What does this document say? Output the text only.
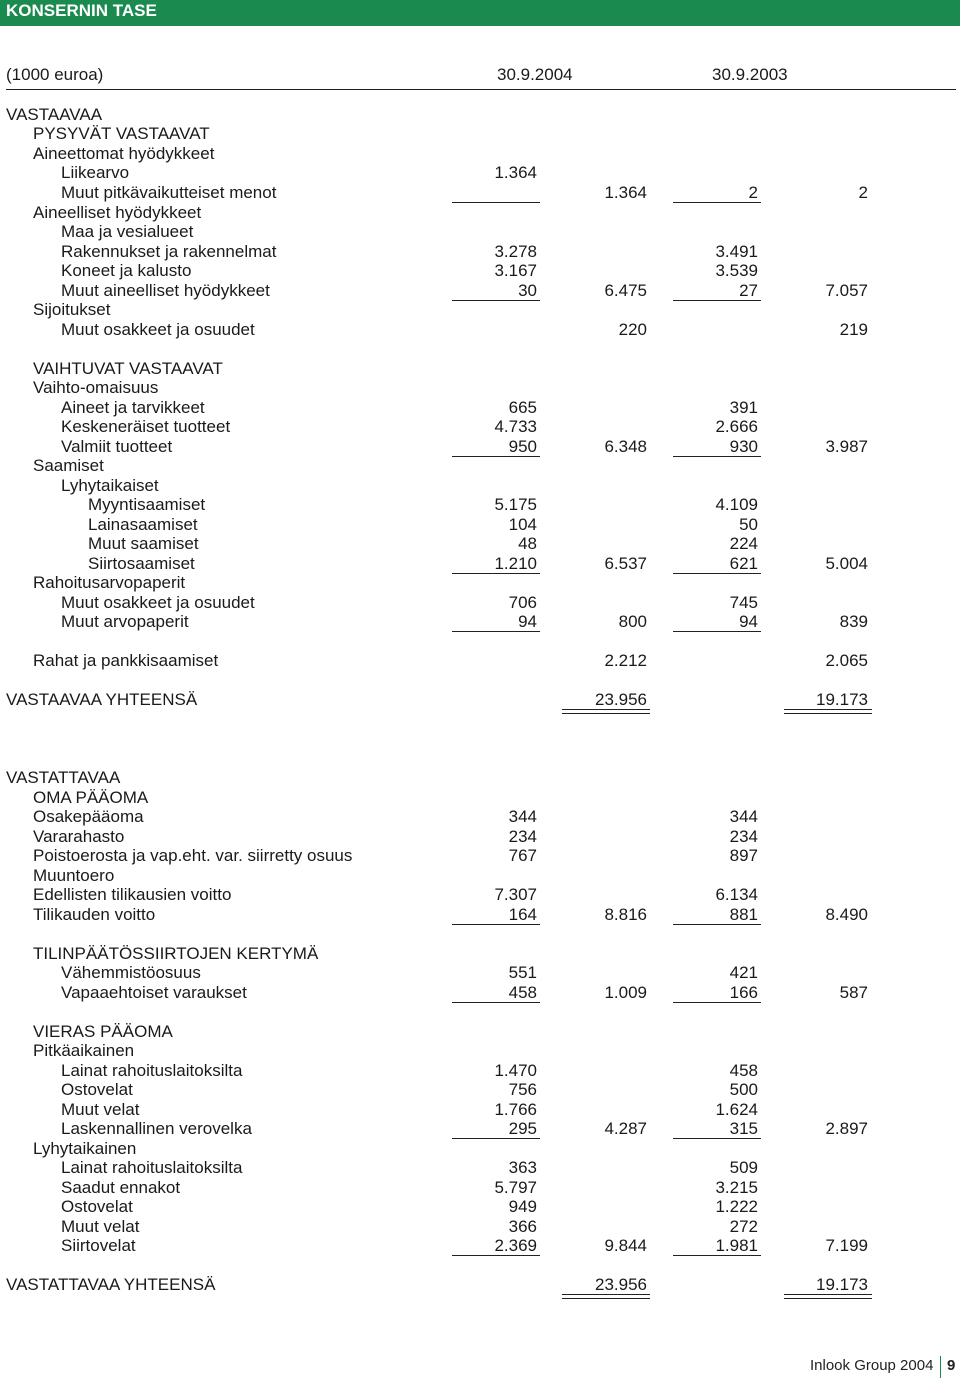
KONSERNIN TASE
(1000 euroa)	30.9.2004	30.9.2003
VASTAAVAA
PYSYVÄT VASTAAVAT
Aineettomat hyödykkeet
Liikearvo	1.364
Muut pitkävaikutteiset menot	1.364	2	2
Aineelliset hyödykkeet
Maa ja vesialueet
Rakennukset ja rakennelmat	3.278	3.491
Koneet ja kalusto	3.167	3.539
Muut aineelliset hyödykkeet	30	6.475	27	7.057
Sijoitukset
Muut osakkeet ja osuudet	220	219
VAIHTUVAT VASTAAVAT
Vaihto-omaisuus
Aineet ja tarvikkeet	665	391
Keskeneräiset tuotteet	4.733	2.666
Valmiit tuotteet	950	6.348	930	3.987
Saamiset
Lyhytaikaiset
Myyntisaamiset	5.175	4.109
Lainasaamiset	104	50
Muut saamiset	48	224
Siirtosaamiset	1.210	6.537	621	5.004
Rahoitusarvopaperit
Muut osakkeet ja osuudet	706	745
Muut arvopaperit	94	800	94	839
Rahat ja pankkisaamiset	2.212	2.065
VASTAAVAA YHTEENSÄ	23.956	19.173
VASTATTAVAA
OMA PÄÄOMA
Osakepääoma	344	344
Vararahasto	234	234
Poistoerosta ja vap.eht. var. siirretty osuus	767	897
Muuntoero
Edellisten tilikausien voitto	7.307	6.134
Tilikauden voitto	164	8.816	881	8.490
TILINPÄÄTÖSSIIRTOJEN KERTYMÄ
Vähemmistöosuus	551	421
Vapaaehtoiset varaukset	458	1.009	166	587
VIERAS PÄÄOMA
Pitkäaikainen
Lainat rahoituslaitoksilta	1.470	458
Ostovelat	756	500
Muut velat	1.766	1.624
Laskennallinen verovelka	295	4.287	315	2.897
Lyhytaikainen
Lainat rahoituslaitoksilta	363	509
Saadut ennakot	5.797	3.215
Ostovelat	949	1.222
Muut velat	366	272
Siirtovelat	2.369	9.844	1.981	7.199
VASTATTAVAA YHTEENSÄ	23.956	19.173
Inlook Group 2004 9
